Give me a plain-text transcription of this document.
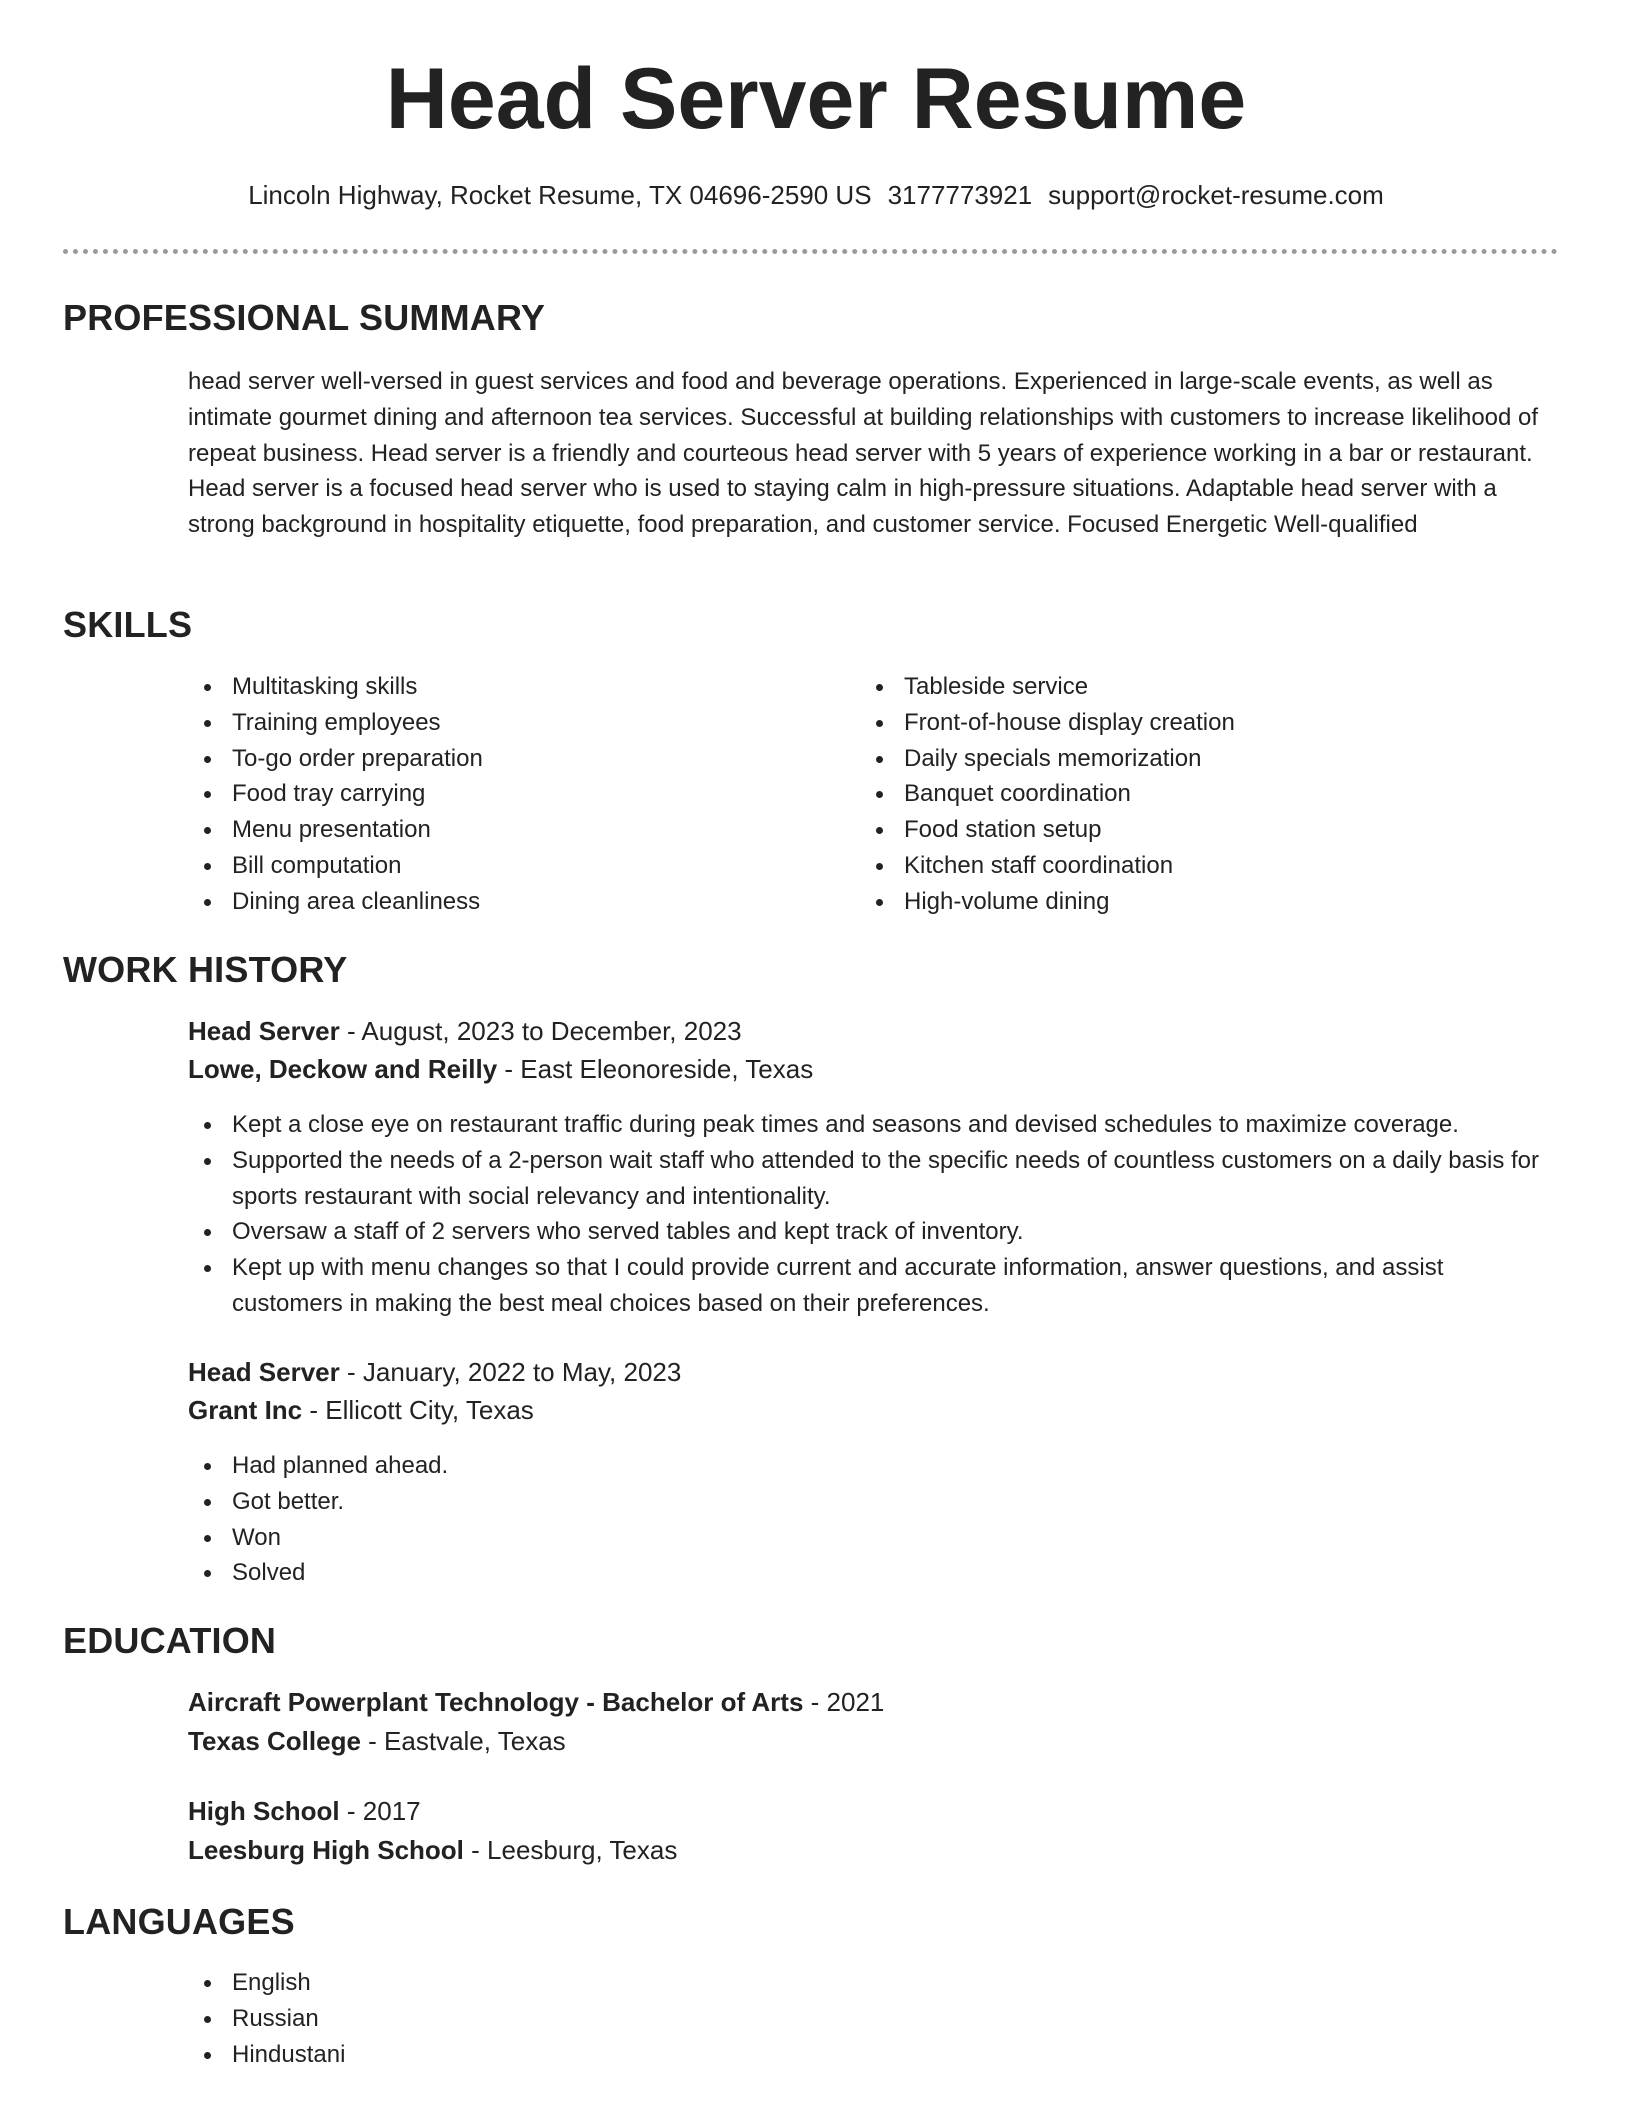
Head Server Resume
Lincoln Highway, Rocket Resume, TX 04696-2590 US 3177773921 support@rocket-resume.com
PROFESSIONAL SUMMARY

head server well-versed in guest services and food and beverage operations. Experienced in large-scale events, as well as intimate gourmet dining and afternoon tea services. Successful at building relationships with customers to increase likelihood of repeat business. Head server is a friendly and courteous head server with 5 years of experience working in a bar or restaurant. Head server is a focused head server who is used to staying calm in high-pressure situations. Adaptable head server with a strong background in hospitality etiquette, food preparation, and customer service. Focused Energetic Well-qualified

SKILLS
Multitasking skills
Training employees
To-go order preparation
Food tray carrying
Menu presentation
Bill computation
Dining area cleanliness
Tableside service
Front-of-house display creation
Daily specials memorization
Banquet coordination
Food station setup
Kitchen staff coordination
High-volume dining
WORK HISTORY
Head Server - August, 2023 to December, 2023
Lowe, Deckow and Reilly - East Eleonoreside, Texas
Kept a close eye on restaurant traffic during peak times and seasons and devised schedules to maximize coverage.
Supported the needs of a 2-person wait staff who attended to the specific needs of countless customers on a daily basis for sports restaurant with social relevancy and intentionality.
Oversaw a staff of 2 servers who served tables and kept track of inventory.
Kept up with menu changes so that I could provide current and accurate information, answer questions, and assist customers in making the best meal choices based on their preferences.
Head Server - January, 2022 to May, 2023
Grant Inc - Ellicott City, Texas
Had planned ahead.
Got better.
Won
Solved
EDUCATION
Aircraft Powerplant Technology - Bachelor of Arts - 2021
Texas College - Eastvale, Texas
High School - 2017
Leesburg High School - Leesburg, Texas
LANGUAGES
English
Russian
Hindustani
